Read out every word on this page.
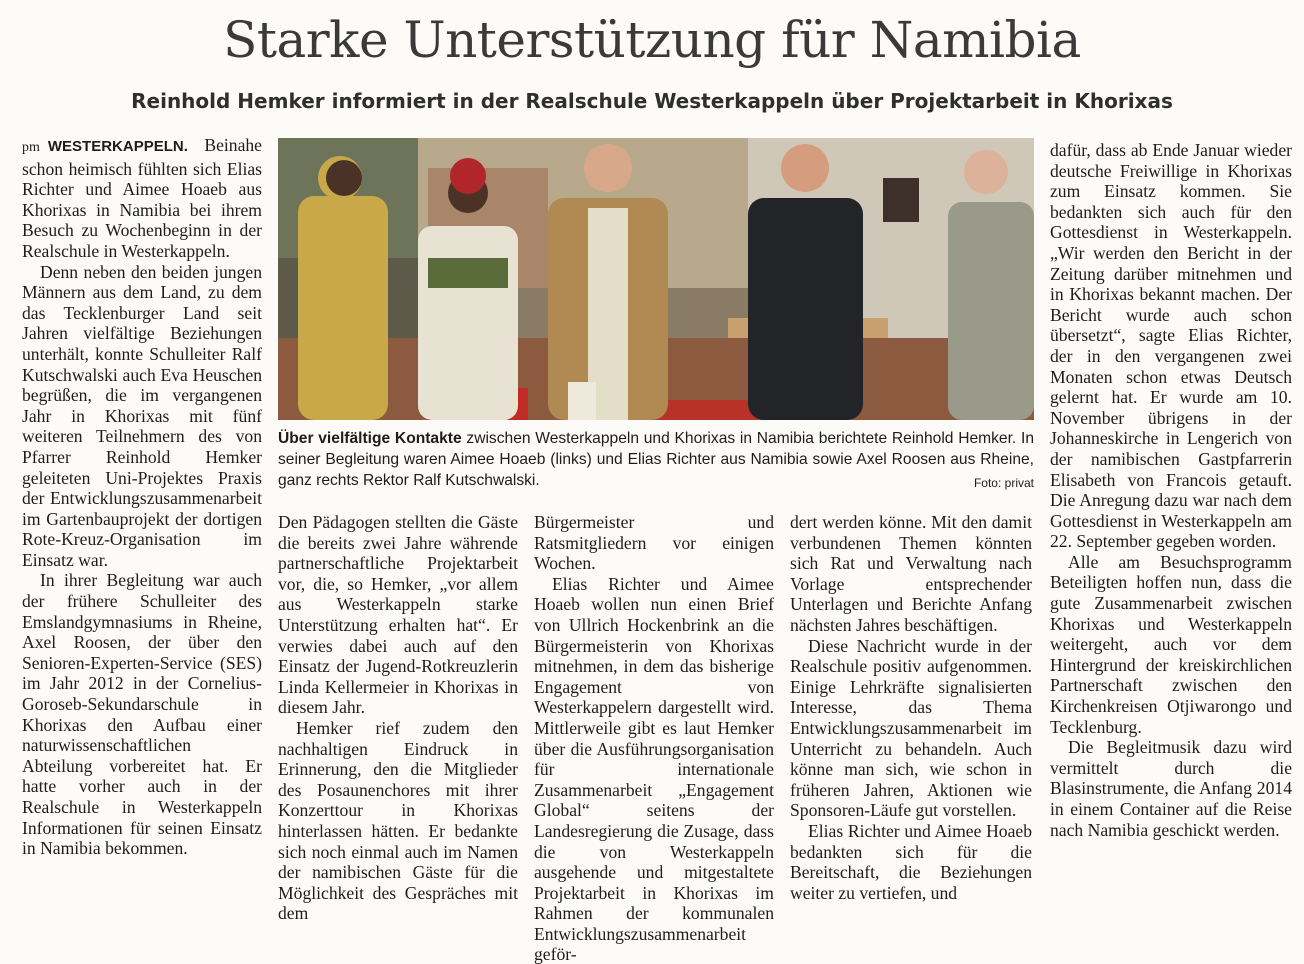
Starke Unterstützung für Namibia
Reinhold Hemker informiert in der Realschule Westerkappeln über Projektarbeit in Khorixas

pm WESTERKAPPELN. Beinahe schon heimisch fühlten sich Elias Richter und Aimee Hoaeb aus Khorixas in Namibia bei ihrem Besuch zu Wochenbeginn in der Realschule in Westerkappeln.

Denn neben den beiden jungen Männern aus dem Land, zu dem das Tecklenburger Land seit Jahren vielfältige Beziehungen unterhält, konnte Schulleiter Ralf Kutschwalski auch Eva Heuschen begrüßen, die im vergangenen Jahr in Khorixas mit fünf weiteren Teilnehmern des von Pfarrer Reinhold Hemker geleiteten Uni-Projektes Praxis der Entwicklungszusammenarbeit im Gartenbauprojekt der dortigen Rote-Kreuz-Organisation im Einsatz war.

In ihrer Begleitung war auch der frühere Schulleiter des Emslandgymnasiums in Rheine, Axel Roosen, der über den Senioren-Experten-Service (SES) im Jahr 2012 in der Cornelius-Goroseb-Sekundarschule in Khorixas den Aufbau einer naturwissenschaftlichen Abteilung vorbereitet hat. Er hatte vorher auch in der Realschule in Westerkappeln Informationen für seinen Einsatz in Namibia bekommen.

Über vielfältige Kontakte zwischen Westerkappeln und Khorixas in Namibia berichtete Reinhold Hemker. In seiner Begleitung waren Aimee Hoaeb (links) und Elias Richter aus Namibia sowie Axel Roosen aus Rheine, ganz rechts Rektor Ralf Kutschwalski.	Foto: privat

Den Pädagogen stellten die Gäste die bereits zwei Jahre währende partnerschaftliche Projektarbeit vor, die, so Hemker, „vor allem aus Westerkappeln starke Unterstützung erhalten hat“. Er verwies dabei auch auf den Einsatz der Jugend-Rotkreuzlerin Linda Kellermeier in Khorixas in diesem Jahr.

Hemker rief zudem den nachhaltigen Eindruck in Erinnerung, den die Mitglieder des Posaunenchores mit ihrer Konzerttour in Khorixas hinterlassen hätten. Er bedankte sich noch einmal auch im Namen der namibischen Gäste für die Möglichkeit des Gespräches mit dem

Bürgermeister und Ratsmitgliedern vor einigen Wochen.

Elias Richter und Aimee Hoaeb wollen nun einen Brief von Ullrich Hockenbrink an die Bürgermeisterin von Khorixas mitnehmen, in dem das bisherige Engagement von Westerkappelern dargestellt wird. Mittlerweile gibt es laut Hemker über die Ausführungsorganisation für internationale Zusammenarbeit „Engagement Global“ seitens der Landesregierung die Zusage, dass die von Westerkappeln ausgehende und mitgestaltete Projektarbeit in Khorixas im Rahmen der kommunalen Entwicklungszusammenarbeit geför-

dert werden könne. Mit den damit verbundenen Themen könnten sich Rat und Verwaltung nach Vorlage entsprechender Unterlagen und Berichte Anfang nächsten Jahres beschäftigen.

Diese Nachricht wurde in der Realschule positiv aufgenommen. Einige Lehrkräfte signalisierten Interesse, das Thema Entwicklungszusammenarbeit im Unterricht zu behandeln. Auch könne man sich, wie schon in früheren Jahren, Aktionen wie Sponsoren-Läufe gut vorstellen.

Elias Richter und Aimee Hoaeb bedankten sich für die Bereitschaft, die Beziehungen weiter zu vertiefen, und

dafür, dass ab Ende Januar wieder deutsche Freiwillige in Khorixas zum Einsatz kommen. Sie bedankten sich auch für den Gottesdienst in Westerkappeln. „Wir werden den Bericht in der Zeitung darüber mitnehmen und in Khorixas bekannt machen. Der Bericht wurde auch schon übersetzt“, sagte Elias Richter, der in den vergangenen zwei Monaten schon etwas Deutsch gelernt hat. Er wurde am 10. November übrigens in der Johanneskirche in Lengerich von der namibischen Gastpfarrerin Elisabeth von Francois getauft. Die Anregung dazu war nach dem Gottesdienst in Westerkappeln am 22. September gegeben worden.

Alle am Besuchsprogramm Beteiligten hoffen nun, dass die gute Zusammenarbeit zwischen Khorixas und Westerkappeln weitergeht, auch vor dem Hintergrund der kreiskirchlichen Partnerschaft zwischen den Kirchenkreisen Otjiwarongo und Tecklenburg.

Die Begleitmusik dazu wird vermittelt durch die Blasinstrumente, die Anfang 2014 in einem Container auf die Reise nach Namibia geschickt werden.
